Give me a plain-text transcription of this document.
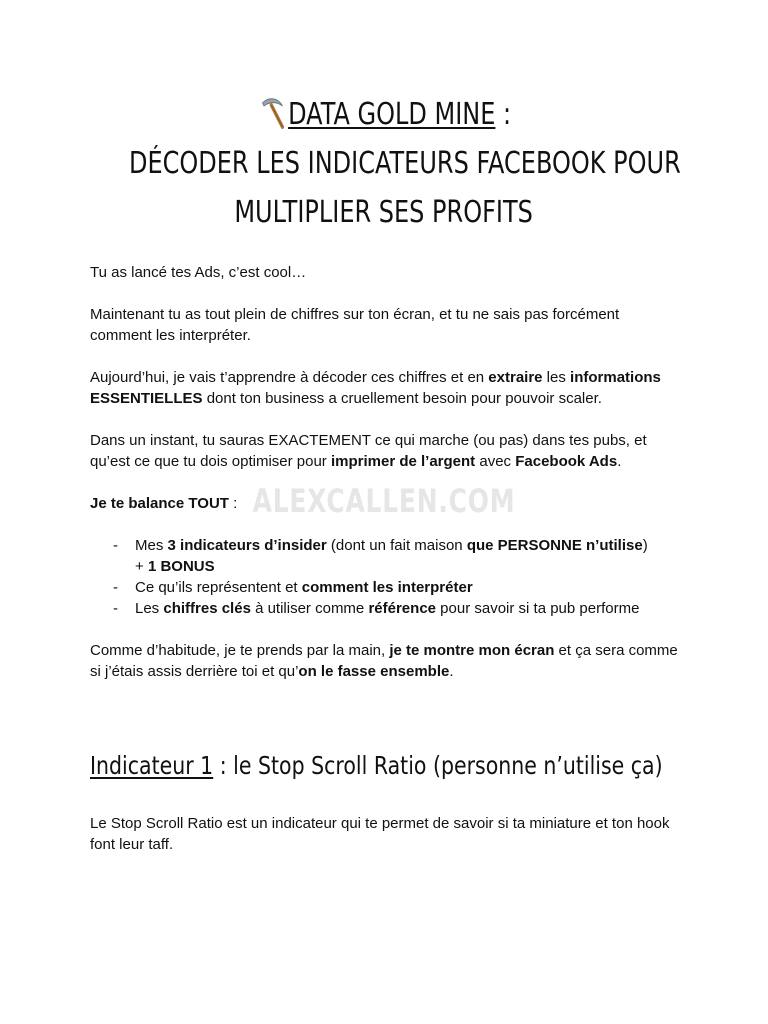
ALEXCALLEN.COM
DATA GOLD MINE :
DÉCODER LES INDICATEURS FACEBOOK POUR
MULTIPLIER SES PROFITS

Tu as lancé tes Ads, c’est cool…

Maintenant tu as tout plein de chiffres sur ton écran, et tu ne sais pas forcément comment les interpréter.

Aujourd’hui, je vais t’apprendre à décoder ces chiffres et en extraire les informations ESSENTIELLES dont ton business a cruellement besoin pour pouvoir scaler.

Dans un instant, tu sauras EXACTEMENT ce qui marche (ou pas) dans tes pubs, et qu’est ce que tu dois optimiser pour imprimer de l’argent avec Facebook Ads.

Je te balance TOUT :

- Mes 3 indicateurs d’insider (dont un fait maison que PERSONNE n’utilise)
+ 1 BONUS
- Ce qu’ils représentent et comment les interpréter
- Les chiffres clés à utiliser comme référence pour savoir si ta pub performe

Comme d’habitude, je te prends par la main, je te montre mon écran et ça sera comme si j’étais assis derrière toi et qu’on le fasse ensemble.

Indicateur 1 : le Stop Scroll Ratio (personne n’utilise ça)

Le Stop Scroll Ratio est un indicateur qui te permet de savoir si ta miniature et ton hook font leur taff.
